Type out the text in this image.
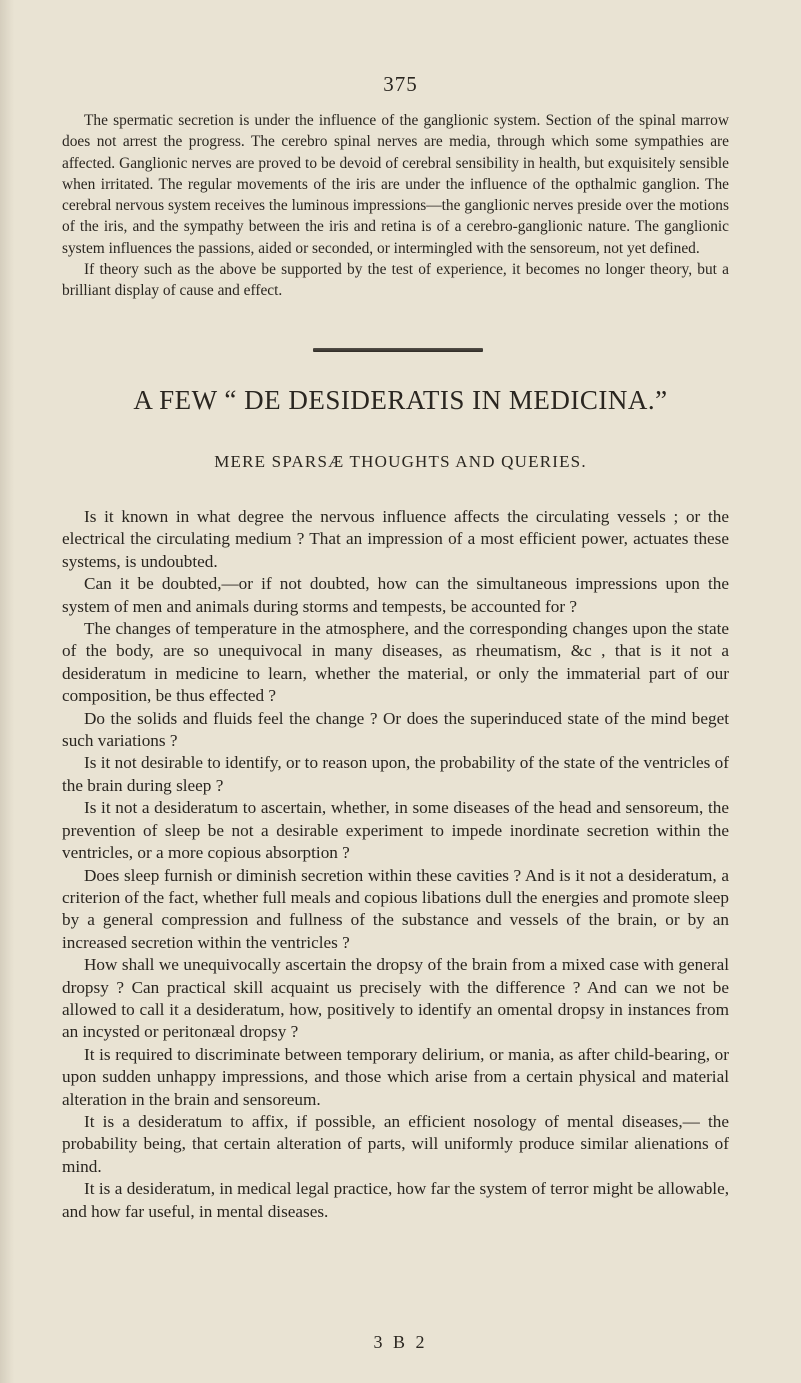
375

The spermatic secretion is under the influence of the ganglionic system. Section of the spinal marrow does not arrest the progress. The cerebro spinal nerves are media, through which some sympathies are affected. Ganglionic nerves are proved to be devoid of cerebral sensibility in health, but exquisitely sensible when irritated. The regular movements of the iris are under the influence of the opthalmic ganglion. The cerebral nervous system receives the luminous impressions—the ganglionic nerves preside over the motions of the iris, and the sympathy between the iris and retina is of a cerebro-ganglionic nature. The ganglionic system influences the passions, aided or seconded, or intermingled with the sensoreum, not yet defined.

If theory such as the above be supported by the test of experience, it becomes no longer theory, but a brilliant display of cause and effect.

A FEW “ DE DESIDERATIS IN MEDICINA.”
MERE SPARSÆ THOUGHTS AND QUERIES.

Is it known in what degree the nervous influence affects the circulating vessels ; or the electrical the circulating medium ? That an impression of a most efficient power, actuates these systems, is undoubted.

Can it be doubted,—or if not doubted, how can the simultaneous impressions upon the system of men and animals during storms and tempests, be accounted for ?

The changes of temperature in the atmosphere, and the corresponding changes upon the state of the body, are so unequivocal in many diseases, as rheumatism, &c , that is it not a desideratum in medicine to learn, whether the material, or only the immaterial part of our composition, be thus effected ?

Do the solids and fluids feel the change ? Or does the superinduced state of the mind beget such variations ?

Is it not desirable to identify, or to reason upon, the probability of the state of the ventricles of the brain during sleep ?

Is it not a desideratum to ascertain, whether, in some diseases of the head and sensoreum, the prevention of sleep be not a desirable experiment to impede inordinate secretion within the ventricles, or a more copious absorption ?

Does sleep furnish or diminish secretion within these cavities ? And is it not a desideratum, a criterion of the fact, whether full meals and copious libations dull the energies and promote sleep by a general compression and fullness of the substance and vessels of the brain, or by an increased secretion within the ventricles ?

How shall we unequivocally ascertain the dropsy of the brain from a mixed case with general dropsy ? Can practical skill acquaint us precisely with the difference ? And can we not be allowed to call it a desideratum, how, positively to identify an omental dropsy in instances from an incysted or peritonæal dropsy ?

It is required to discriminate between temporary delirium, or mania, as after child-bearing, or upon sudden unhappy impressions, and those which arise from a certain physical and material alteration in the brain and sensoreum.

It is a desideratum to affix, if possible, an efficient nosology of mental diseases,— the probability being, that certain alteration of parts, will uniformly produce similar alienations of mind.

It is a desideratum, in medical legal practice, how far the system of terror might be allowable, and how far useful, in mental diseases.

3 B 2
